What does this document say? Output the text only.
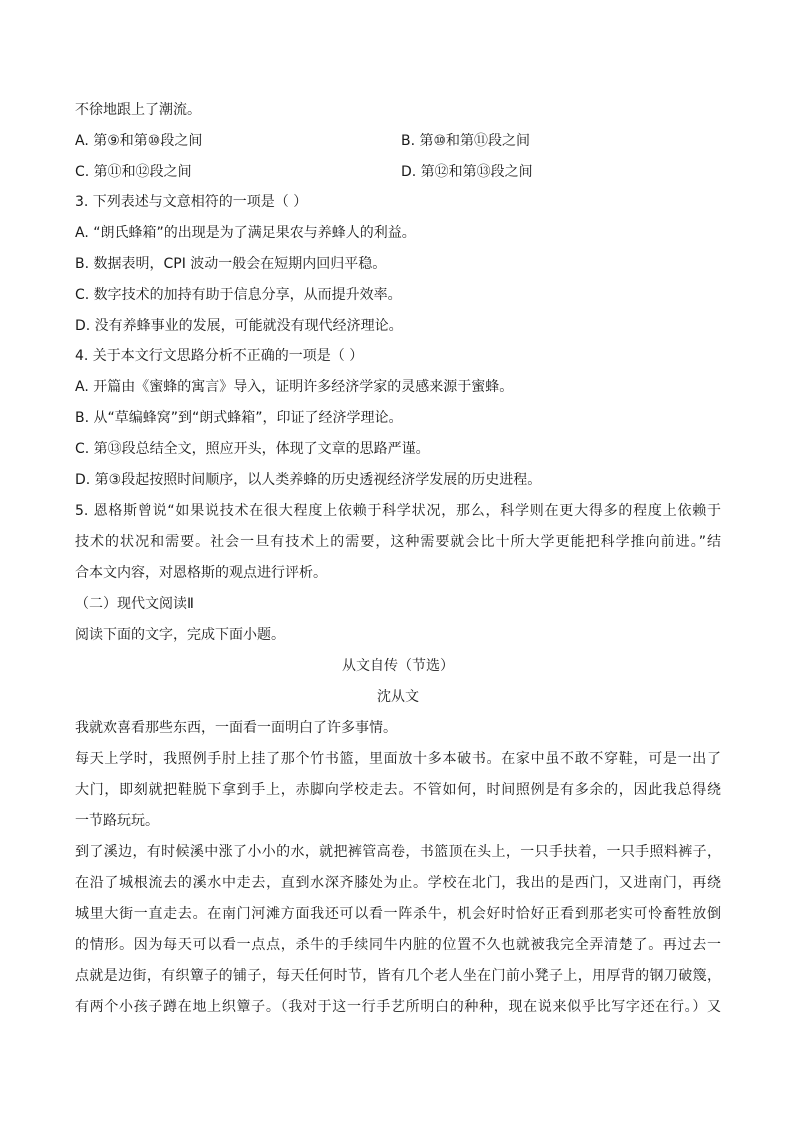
不徐地跟上了潮流。
A. 第⑨和第⑩段之间	B. 第⑩和第⑪段之间
C. 第⑪和⑫段之间	D. 第⑫和第⑬段之间
3. 下列表述与文意相符的一项是（ ）
A. “朗氏蜂箱”的出现是为了满足果农与养蜂人的利益。
B. 数据表明，CPI 波动一般会在短期内回归平稳。
C. 数字技术的加持有助于信息分享，从而提升效率。
D. 没有养蜂事业的发展，可能就没有现代经济理论。
4. 关于本文行文思路分析不正确的一项是（ ）
A. 开篇由《蜜蜂的寓言》导入，证明许多经济学家的灵感来源于蜜蜂。
B. 从“草编蜂窝”到“朗式蜂箱”，印证了经济学理论。
C. 第⑬段总结全文，照应开头，体现了文章的思路严谨。
D. 第③段起按照时间顺序，以人类养蜂的历史透视经济学发展的历史进程。
5. 恩格斯曾说“如果说技术在很大程度上依赖于科学状况，那么，科学则在更大得多的程度上依赖于
技术的状况和需要。社会一旦有技术上的需要，这种需要就会比十所大学更能把科学推向前进。”结
合本文内容，对恩格斯的观点进行评析。
（二）现代文阅读Ⅱ
阅读下面的文字，完成下面小题。
从文自传（节选）
沈从文
我就欢喜看那些东西，一面看一面明白了许多事情。
每天上学时，我照例手肘上挂了那个竹书篮，里面放十多本破书。在家中虽不敢不穿鞋，可是一出了
大门，即刻就把鞋脱下拿到手上，赤脚向学校走去。不管如何，时间照例是有多余的，因此我总得绕
一节路玩玩。
到了溪边，有时候溪中涨了小小的水，就把裤管高卷，书篮顶在头上，一只手扶着，一只手照料裤子，
在沿了城根流去的溪水中走去，直到水深齐膝处为止。学校在北门，我出的是西门，又进南门，再绕
城里大街一直走去。在南门河滩方面我还可以看一阵杀牛，机会好时恰好正看到那老实可怜畜牲放倒
的情形。因为每天可以看一点点，杀牛的手续同牛内脏的位置不久也就被我完全弄清楚了。再过去一
点就是边街，有织簟子的铺子，每天任何时节，皆有几个老人坐在门前小凳子上，用厚背的钢刀破篾，
有两个小孩子蹲在地上织簟子。（我对于这一行手艺所明白的种种，现在说来似乎比写字还在行。）又
